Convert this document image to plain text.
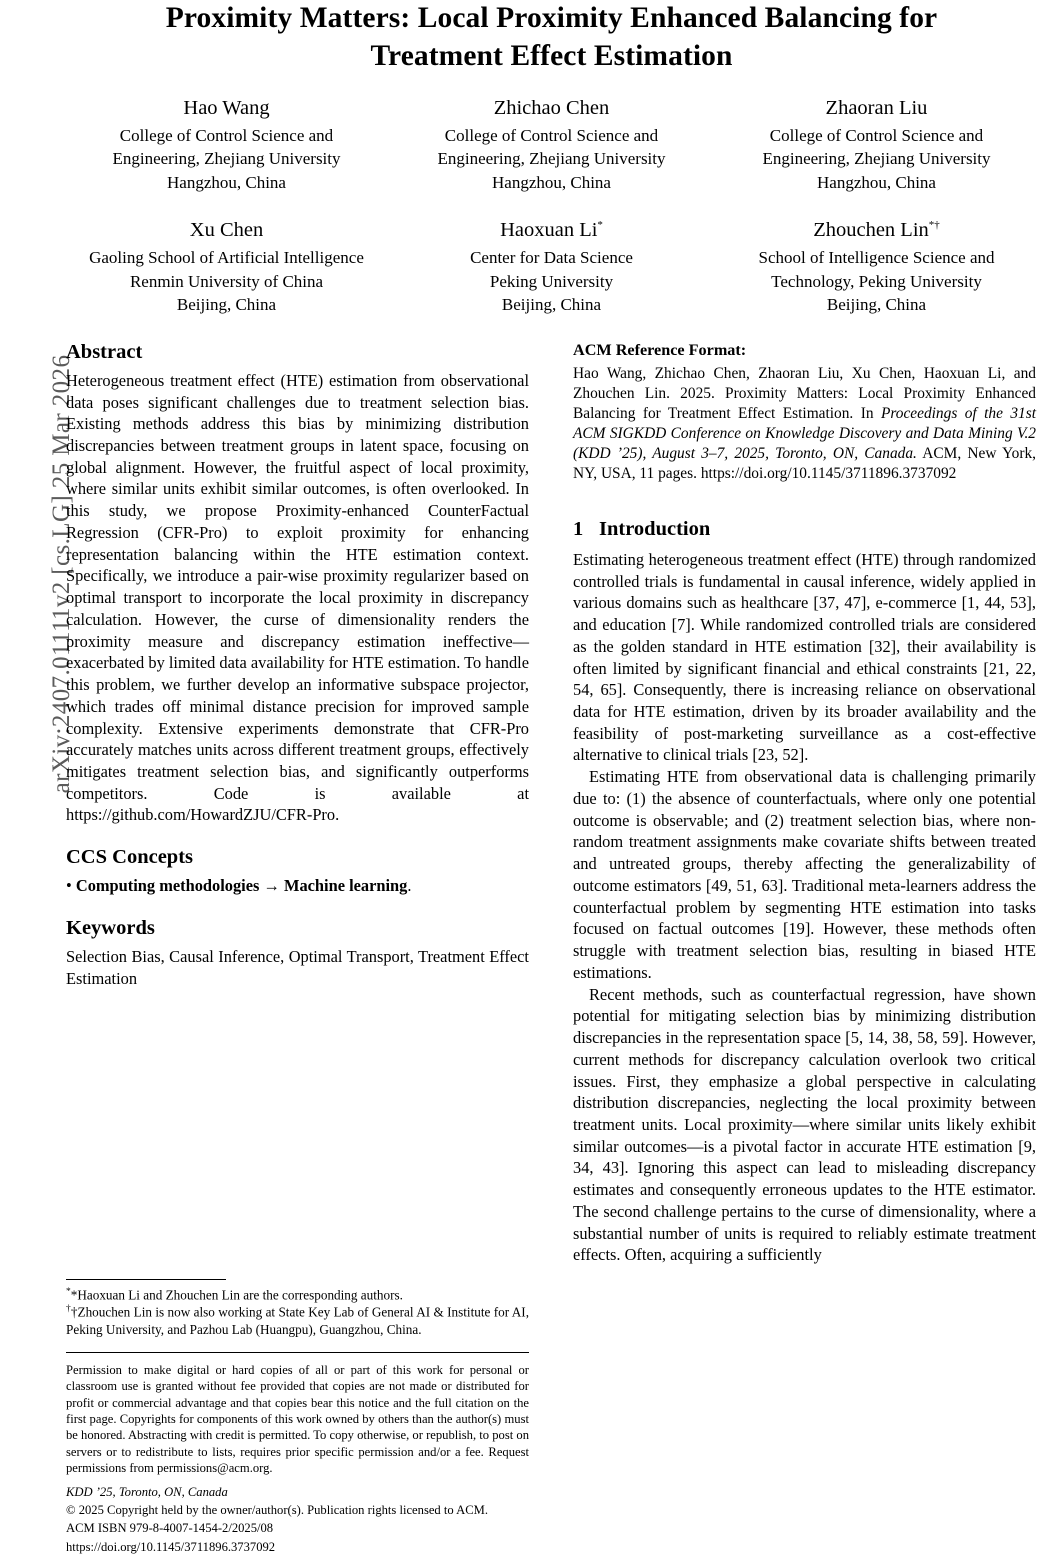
arXiv:2407.01111v2 [cs.LG] 25 Mar 2026
Proximity Matters: Local Proximity Enhanced Balancing for
Treatment Effect Estimation
Hao Wang
College of Control Science and
Engineering, Zhejiang University
Hangzhou, China
Zhichao Chen
College of Control Science and
Engineering, Zhejiang University
Hangzhou, China
Zhaoran Liu
College of Control Science and
Engineering, Zhejiang University
Hangzhou, China
Xu Chen
Gaoling School of Artificial Intelligence
Renmin University of China
Beijing, China
Haoxuan Li*
Center for Data Science
Peking University
Beijing, China
Zhouchen Lin*†
School of Intelligence Science and
Technology, Peking University
Beijing, China
Abstract

Heterogeneous treatment effect (HTE) estimation from observational data poses significant challenges due to treatment selection bias. Existing methods address this bias by minimizing distribution discrepancies between treatment groups in latent space, focusing on global alignment. However, the fruitful aspect of local proximity, where similar units exhibit similar outcomes, is often overlooked. In this study, we propose Proximity-enhanced CounterFactual Regression (CFR-Pro) to exploit proximity for enhancing representation balancing within the HTE estimation context. Specifically, we introduce a pair-wise proximity regularizer based on optimal transport to incorporate the local proximity in discrepancy calculation. However, the curse of dimensionality renders the proximity measure and discrepancy estimation ineffective—exacerbated by limited data availability for HTE estimation. To handle this problem, we further develop an informative subspace projector, which trades off minimal distance precision for improved sample complexity. Extensive experiments demonstrate that CFR-Pro accurately matches units across different treatment groups, effectively mitigates treatment selection bias, and significantly outperforms competitors. Code is available at https://github.com/HowardZJU/CFR-Pro.

CCS Concepts
• Computing methodologies → Machine learning.
Keywords

Selection Bias, Causal Inference, Optimal Transport, Treatment Effect Estimation

**Haoxuan Li and Zhouchen Lin are the corresponding authors.
††Zhouchen Lin is now also working at State Key Lab of General AI & Institute for AI, Peking University, and Pazhou Lab (Huangpu), Guangzhou, China.
Permission to make digital or hard copies of all or part of this work for personal or classroom use is granted without fee provided that copies are not made or distributed for profit or commercial advantage and that copies bear this notice and the full citation on the first page. Copyrights for components of this work owned by others than the author(s) must be honored. Abstracting with credit is permitted. To copy otherwise, or republish, to post on servers or to redistribute to lists, requires prior specific permission and/or a fee. Request permissions from permissions@acm.org.
KDD ’25, Toronto, ON, Canada
© 2025 Copyright held by the owner/author(s). Publication rights licensed to ACM.
ACM ISBN 979-8-4007-1454-2/2025/08
https://doi.org/10.1145/3711896.3737092
ACM Reference Format:
Hao Wang, Zhichao Chen, Zhaoran Liu, Xu Chen, Haoxuan Li, and Zhouchen Lin. 2025. Proximity Matters: Local Proximity Enhanced Balancing for Treatment Effect Estimation. In Proceedings of the 31st ACM SIGKDD Conference on Knowledge Discovery and Data Mining V.2 (KDD ’25), August 3–7, 2025, Toronto, ON, Canada. ACM, New York, NY, USA, 11 pages. https://doi.org/10.1145/3711896.3737092
1 Introduction

Estimating heterogeneous treatment effect (HTE) through randomized controlled trials is fundamental in causal inference, widely applied in various domains such as healthcare [37, 47], e-commerce [1, 44, 53], and education [7]. While randomized controlled trials are considered as the golden standard in HTE estimation [32], their availability is often limited by significant financial and ethical constraints [21, 22, 54, 65]. Consequently, there is increasing reliance on observational data for HTE estimation, driven by its broader availability and the feasibility of post-marketing surveillance as a cost-effective alternative to clinical trials [23, 52].

Estimating HTE from observational data is challenging primarily due to: (1) the absence of counterfactuals, where only one potential outcome is observable; and (2) treatment selection bias, where non-random treatment assignments make covariate shifts between treated and untreated groups, thereby affecting the generalizability of outcome estimators [49, 51, 63]. Traditional meta-learners address the counterfactual problem by segmenting HTE estimation into tasks focused on factual outcomes [19]. However, these methods often struggle with treatment selection bias, resulting in biased HTE estimations.

Recent methods, such as counterfactual regression, have shown potential for mitigating selection bias by minimizing distribution discrepancies in the representation space [5, 14, 38, 58, 59]. However, current methods for discrepancy calculation overlook two critical issues. First, they emphasize a global perspective in calculating distribution discrepancies, neglecting the local proximity between treatment units. Local proximity—where similar units likely exhibit similar outcomes—is a pivotal factor in accurate HTE estimation [9, 34, 43]. Ignoring this aspect can lead to misleading discrepancy estimates and consequently erroneous updates to the HTE estimator. The second challenge pertains to the curse of dimensionality, where a substantial number of units is required to reliably estimate treatment effects. Often, acquiring a sufficiently
